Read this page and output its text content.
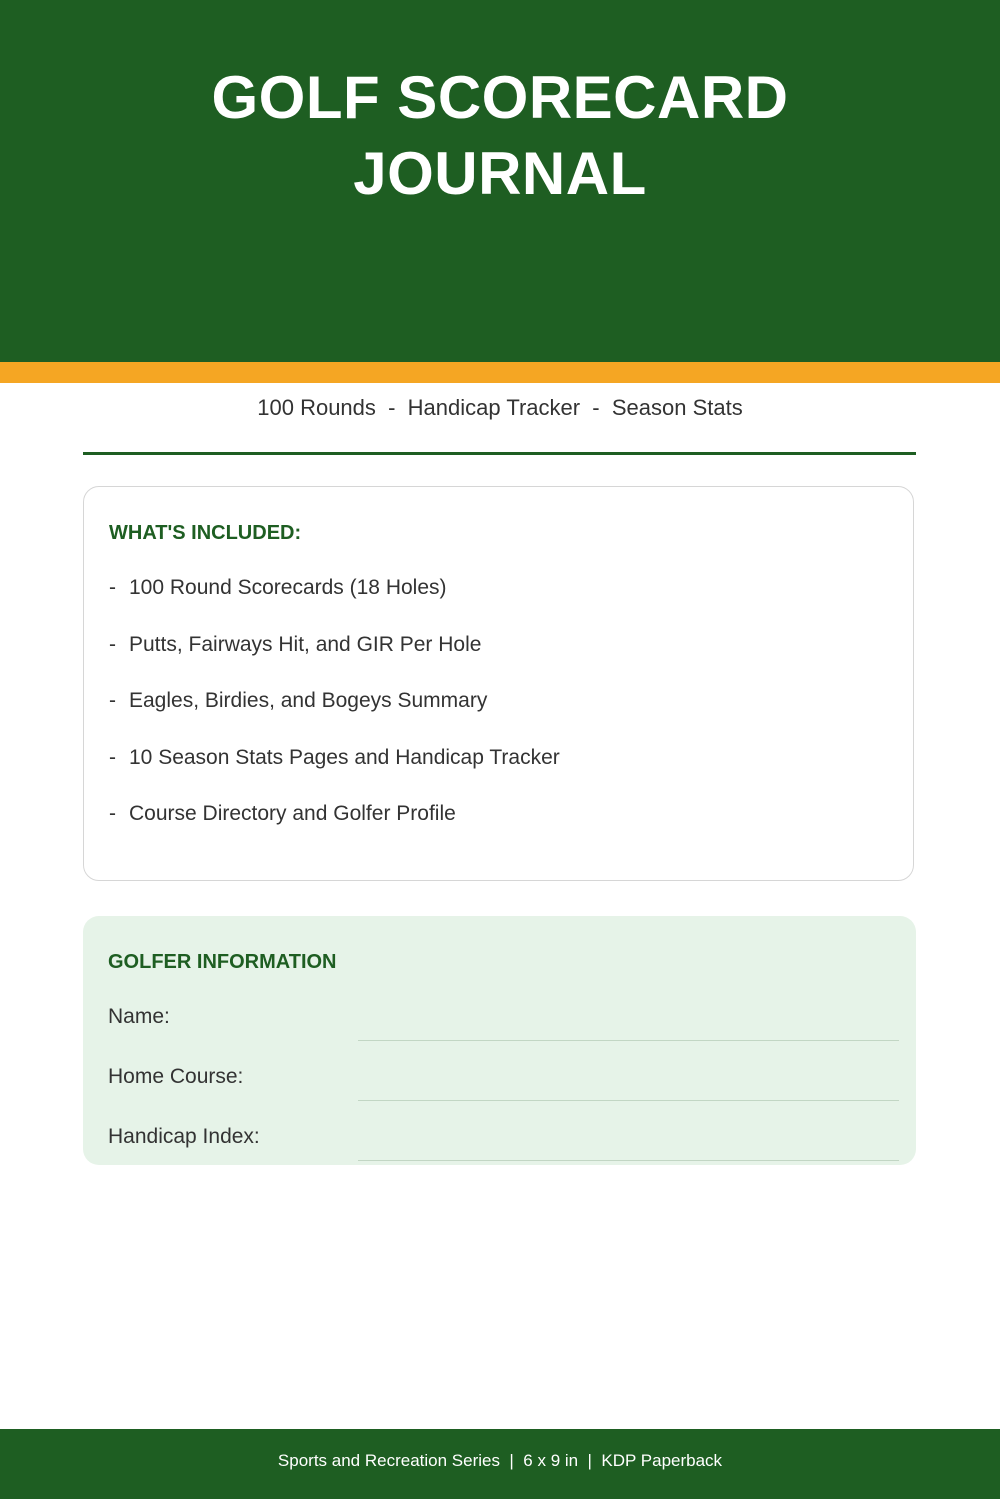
GOLF SCORECARD
JOURNAL
100 Rounds  -  Handicap Tracker  -  Season Stats
WHAT'S INCLUDED:
- 100 Round Scorecards (18 Holes)
- Putts, Fairways Hit, and GIR Per Hole
- Eagles, Birdies, and Bogeys Summary
- 10 Season Stats Pages and Handicap Tracker
- Course Directory and Golfer Profile
GOLFER INFORMATION
Name:
Home Course:
Handicap Index:
Sports and Recreation Series  |  6 x 9 in  |  KDP Paperback
